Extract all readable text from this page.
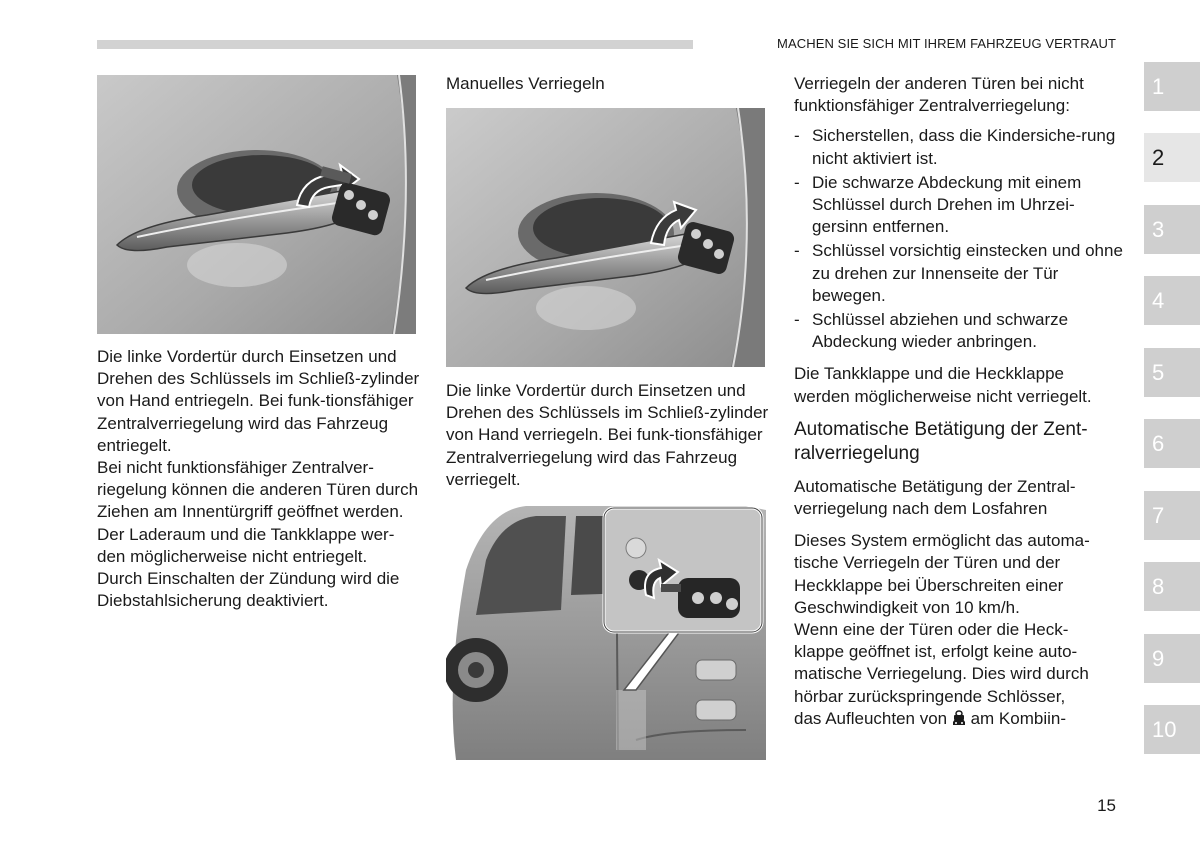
MACHEN SIE SICH MIT IHREM FAHRZEUG VERTRAUT

Die linke Vordertür durch Einsetzen und Drehen des Schlüssels im Schließ-zylinder von Hand entriegeln. Bei funk-tionsfähiger Zentralverriegelung wird das Fahrzeug entriegelt.

Bei nicht funktionsfähiger Zentralver-riegelung können die anderen Türen durch Ziehen am Innentürgriff geöffnet werden.

Der Laderaum und die Tankklappe wer-den möglicherweise nicht entriegelt.

Durch Einschalten der Zündung wird die Diebstahlsicherung deaktiviert.

Manuelles Verriegeln

Die linke Vordertür durch Einsetzen und Drehen des Schlüssels im Schließ-zylinder von Hand verriegeln. Bei funk-tionsfähiger Zentralverriegelung wird das Fahrzeug verriegelt.

Verriegeln der anderen Türen bei nicht funktionsfähiger Zentralverriegelung:

- Sicherstellen, dass die Kindersiche-rung nicht aktiviert ist.
- Die schwarze Abdeckung mit einem Schlüssel durch Drehen im Uhrzei-gersinn entfernen.
- Schlüssel vorsichtig einstecken und ohne zu drehen zur Innenseite der Tür bewegen.
- Schlüssel abziehen und schwarze Abdeckung wieder anbringen.

Die Tankklappe und die Heckklappe werden möglicherweise nicht verriegelt.

Automatische Betätigung der Zent-ralverriegelung

Automatische Betätigung der Zentral-verriegelung nach dem Losfahren

Dieses System ermöglicht das automa-tische Verriegeln der Türen und der Heckklappe bei Überschreiten einer Geschwindigkeit von 10 km/h.

Wenn eine der Türen oder die Heck-
klappe geöffnet ist, erfolgt keine auto-
matische Verriegelung. Dies wird durch
hörbar zurückspringende Schlösser,
das Aufleuchten von  am Kombiin-
1
2
3
4
5
6
7
8
9
10
15
